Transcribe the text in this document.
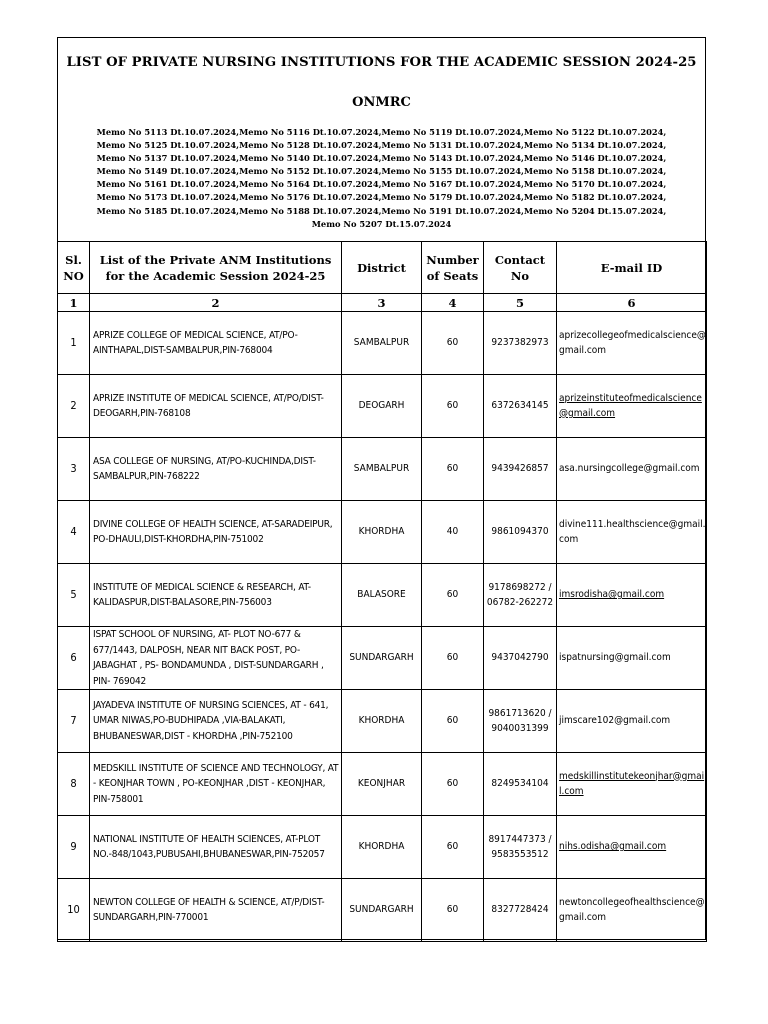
LIST OF PRIVATE NURSING INSTITUTIONS FOR THE ACADEMIC SESSION 2024-25
ONMRC
Memo No 5113 Dt.10.07.2024,Memo No 5116 Dt.10.07.2024,Memo No 5119 Dt.10.07.2024,Memo No 5122 Dt.10.07.2024,
Memo No 5125 Dt.10.07.2024,Memo No 5128 Dt.10.07.2024,Memo No 5131 Dt.10.07.2024,Memo No 5134 Dt.10.07.2024,
Memo No 5137 Dt.10.07.2024,Memo No 5140 Dt.10.07.2024,Memo No 5143 Dt.10.07.2024,Memo No 5146 Dt.10.07.2024,
Memo No 5149 Dt.10.07.2024,Memo No 5152 Dt.10.07.2024,Memo No 5155 Dt.10.07.2024,Memo No 5158 Dt.10.07.2024,
Memo No 5161 Dt.10.07.2024,Memo No 5164 Dt.10.07.2024,Memo No 5167 Dt.10.07.2024,Memo No 5170 Dt.10.07.2024,
Memo No 5173 Dt.10.07.2024,Memo No 5176 Dt.10.07.2024,Memo No 5179 Dt.10.07.2024,Memo No 5182 Dt.10.07.2024,
Memo No 5185 Dt.10.07.2024,Memo No 5188 Dt.10.07.2024,Memo No 5191 Dt.10.07.2024,Memo No 5204 Dt.15.07.2024,
Memo No 5207 Dt.15.07.2024
Sl. NO	List of the Private ANM Institutions for the Academic Session 2024-25	District	Number of Seats	Contact No	E-mail ID
1	2	3	4	5	6
1	APRIZE COLLEGE OF MEDICAL SCIENCE, AT/PO-AINTHAPAL,DIST-SAMBALPUR,PIN-768004	SAMBALPUR	60	9237382973	aprizecollegeofmedicalscience@gmail.com
2	APRIZE INSTITUTE OF MEDICAL SCIENCE, AT/PO/DIST- DEOGARH,PIN-768108	DEOGARH	60	6372634145	aprizeinstituteofmedicalscience@gmail.com
3	ASA COLLEGE OF NURSING, AT/PO-KUCHINDA,DIST-SAMBALPUR,PIN-768222	SAMBALPUR	60	9439426857	asa.nursingcollege@gmail.com
4	DIVINE COLLEGE OF HEALTH SCIENCE, AT-SARADEIPUR, PO-DHAULI,DIST-KHORDHA,PIN-751002	KHORDHA	40	9861094370	divine111.healthscience@gmail.com
5	INSTITUTE OF MEDICAL SCIENCE & RESEARCH, AT-KALIDASPUR,DIST-BALASORE,PIN-756003	BALASORE	60	9178698272 / 06782-262272	imsrodisha@gmail.com
6	ISPAT SCHOOL OF NURSING, AT- PLOT NO-677 & 677/1443, DALPOSH, NEAR NIT BACK POST, PO-JABAGHAT , PS- BONDAMUNDA , DIST-SUNDARGARH , PIN- 769042	SUNDARGARH	60	9437042790	ispatnursing@gmail.com
7	JAYADEVA INSTITUTE OF NURSING SCIENCES, AT - 641, UMAR NIWAS,PO-BUDHIPADA ,VIA-BALAKATI, BHUBANESWAR,DIST - KHORDHA ,PIN-752100	KHORDHA	60	9861713620 / 9040031399	jimscare102@gmail.com
8	MEDSKILL INSTITUTE OF SCIENCE AND TECHNOLOGY, AT - KEONJHAR TOWN , PO-KEONJHAR ,DIST - KEONJHAR, PIN-758001	KEONJHAR	60	8249534104	medskillinstitutekeonjhar@gmail.com
9	NATIONAL INSTITUTE OF HEALTH SCIENCES, AT-PLOT NO.-848/1043,PUBUSAHI,BHUBANESWAR,PIN-752057	KHORDHA	60	8917447373 / 9583553512	nihs.odisha@gmail.com
10	NEWTON COLLEGE OF HEALTH & SCIENCE, AT/P/DIST-SUNDARGARH,PIN-770001	SUNDARGARH	60	8327728424	newtoncollegeofhealthscience@gmail.com
